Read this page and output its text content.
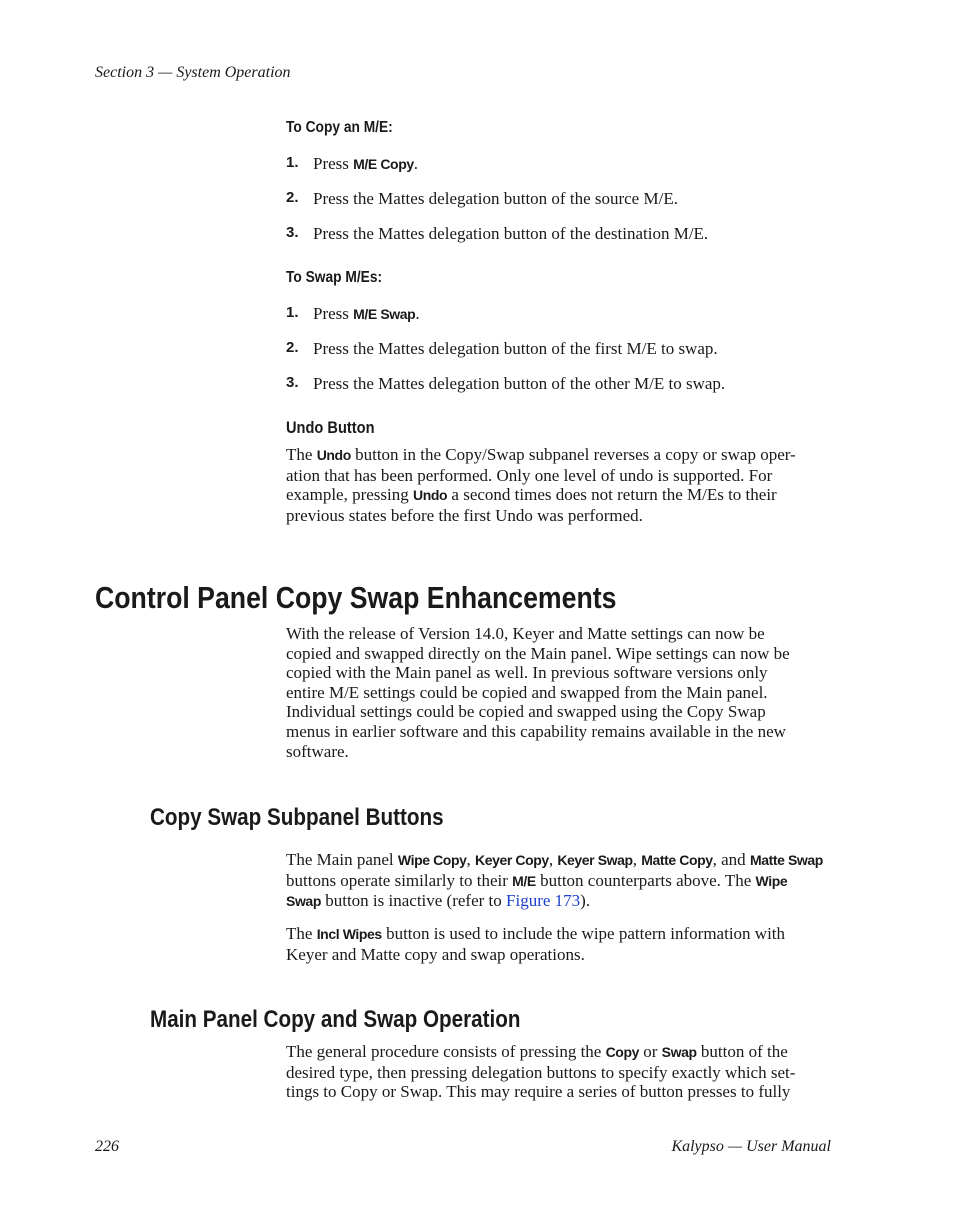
Section 3 — System Operation
To Copy an M/E:
1. Press M/E Copy.
2. Press the Mattes delegation button of the source M/E.
3. Press the Mattes delegation button of the destination M/E.
To Swap M/Es:
1. Press M/E Swap.
2. Press the Mattes delegation button of the first M/E to swap.
3. Press the Mattes delegation button of the other M/E to swap.
Undo Button

The Undo button in the Copy/Swap subpanel reverses a copy or swap oper-

ation that has been performed. Only one level of undo is supported. For

example, pressing Undo a second times does not return the M/Es to their

previous states before the first Undo was performed.

Control Panel Copy Swap Enhancements

With the release of Version 14.0, Keyer and Matte settings can now be

copied and swapped directly on the Main panel. Wipe settings can now be

copied with the Main panel as well. In previous software versions only

entire M/E settings could be copied and swapped from the Main panel.

Individual settings could be copied and swapped using the Copy Swap

menus in earlier software and this capability remains available in the new

software.

Copy Swap Subpanel Buttons

The Main panel Wipe Copy, Keyer Copy, Keyer Swap, Matte Copy, and Matte Swap

buttons operate similarly to their M/E button counterparts above. The Wipe

Swap button is inactive (refer to Figure 173).

The Incl Wipes button is used to include the wipe pattern information with

Keyer and Matte copy and swap operations.

Main Panel Copy and Swap Operation

The general procedure consists of pressing the Copy or Swap button of the

desired type, then pressing delegation buttons to specify exactly which set-

tings to Copy or Swap. This may require a series of button presses to fully

226	Kalypso — User Manual
